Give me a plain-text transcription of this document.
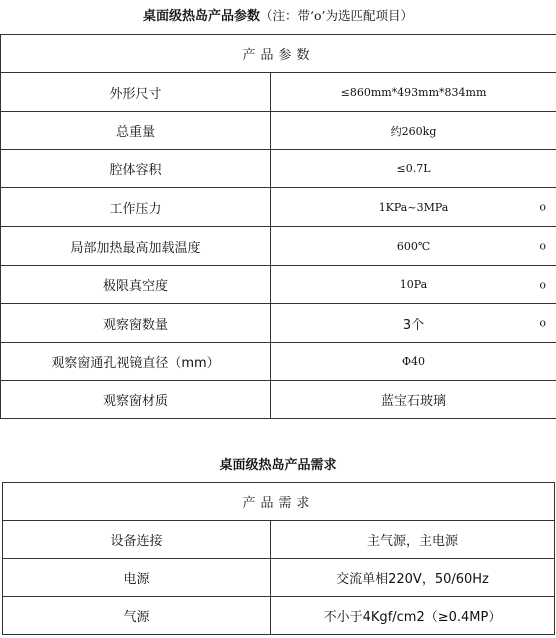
桌面级热岛产品参数（注：带‘o’为选匹配项目）
产品参数	
外形尺寸	≤860mm*493mm*834mm

总重量	约260kg

腔体容积	≤0.7L

工作压力	1KPa~3MPa o

局部加热最高加载温度	600℃ o

极限真空度	10Pa o

观察窗数量	3个 o

观察窗通孔视镜直径（mm）	Φ40

观察窗材质	蓝宝石玻璃
桌面级热岛产品需求
产品需求	
设备连接	主气源，主电源
电源	交流单相220V，50/60Hz
气源	不小于4Kgf/cm2（≥0.4MP）
